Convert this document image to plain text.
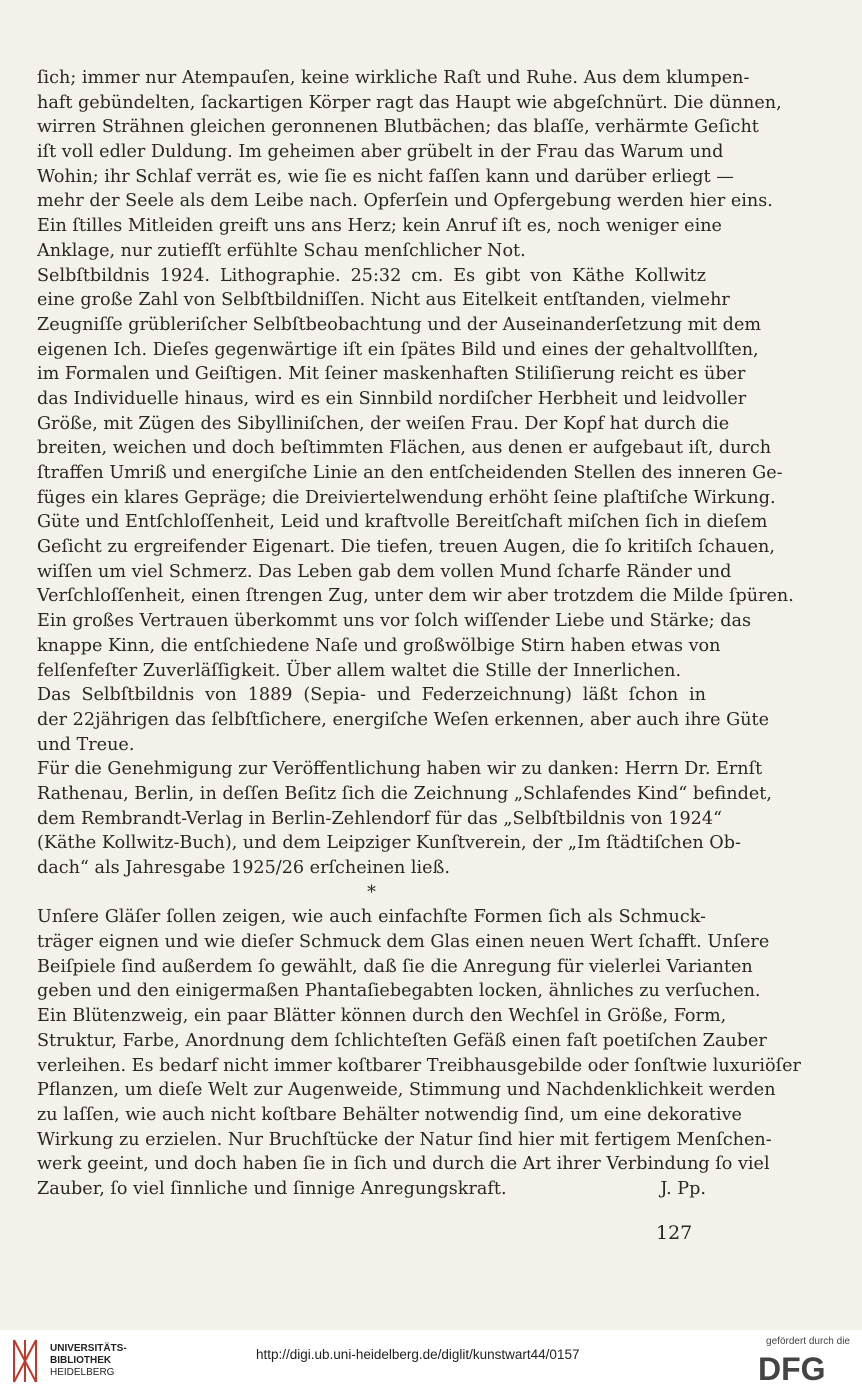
ſich; immer nur Atempauſen, keine wirkliche Raſt und Ruhe. Aus dem klumpen-
haft gebündelten, ſackartigen Körper ragt das Haupt wie abgeſchnürt. Die dünnen,
wirren Strähnen gleichen geronnenen Blutbächen; das blaſſe, verhärmte Geſicht
iſt voll edler Duldung. Im geheimen aber grübelt in der Frau das Warum und
Wohin; ihr Schlaf verrät es, wie ſie es nicht faſſen kann und darüber erliegt —
mehr der Seele als dem Leibe nach. Opferſein und Opfergebung werden hier eins.
Ein ſtilles Mitleiden greift uns ans Herz; kein Anruf iſt es, noch weniger eine
Anklage, nur zutiefſt erfühlte Schau menſchlicher Not.
Selbſtbildnis 1924. Lithographie. 25:32 cm. Es gibt von Käthe Kollwitz
eine große Zahl von Selbſtbildniſſen. Nicht aus Eitelkeit entſtanden, vielmehr
Zeugniſſe grübleriſcher Selbſtbeobachtung und der Auseinanderſetzung mit dem
eigenen Ich. Dieſes gegenwärtige iſt ein ſpätes Bild und eines der gehaltvollſten,
im Formalen und Geiſtigen. Mit ſeiner maskenhaften Stiliſierung reicht es über
das Individuelle hinaus, wird es ein Sinnbild nordiſcher Herbheit und leidvoller
Größe, mit Zügen des Sibylliniſchen, der weiſen Frau. Der Kopf hat durch die
breiten, weichen und doch beſtimmten Flächen, aus denen er aufgebaut iſt, durch
ſtraffen Umriß und energiſche Linie an den entſcheidenden Stellen des inneren Ge-
füges ein klares Gepräge; die Dreiviertelwendung erhöht ſeine plaſtiſche Wirkung.
Güte und Entſchloſſenheit, Leid und kraftvolle Bereitſchaft miſchen ſich in dieſem
Geſicht zu ergreifender Eigenart. Die tiefen, treuen Augen, die ſo kritiſch ſchauen,
wiſſen um viel Schmerz. Das Leben gab dem vollen Mund ſcharfe Ränder und
Verſchloſſenheit, einen ſtrengen Zug, unter dem wir aber trotzdem die Milde ſpüren.
Ein großes Vertrauen überkommt uns vor ſolch wiſſender Liebe und Stärke; das
knappe Kinn, die entſchiedene Naſe und großwölbige Stirn haben etwas von
felſenfeſter Zuverläſſigkeit. Über allem waltet die Stille der Innerlichen.
Das Selbſtbildnis von 1889 (Sepia- und Federzeichnung) läßt ſchon in
der 22jährigen das ſelbſtſichere, energiſche Weſen erkennen, aber auch ihre Güte
und Treue.
Für die Genehmigung zur Veröffentlichung haben wir zu danken: Herrn Dr. Ernſt
Rathenau, Berlin, in deſſen Beſitz ſich die Zeichnung „Schlafendes Kind“ befindet,
dem Rembrandt-Verlag in Berlin-Zehlendorf für das „Selbſtbildnis von 1924“
(Käthe Kollwitz-Buch), und dem Leipziger Kunſtverein, der „Im ſtädtiſchen Ob-
dach“ als Jahresgabe 1925/26 erſcheinen ließ.
*
Unſere Gläſer ſollen zeigen, wie auch einfachſte Formen ſich als Schmuck-
träger eignen und wie dieſer Schmuck dem Glas einen neuen Wert ſchafft. Unſere
Beiſpiele ſind außerdem ſo gewählt, daß ſie die Anregung für vielerlei Varianten
geben und den einigermaßen Phantaſiebegabten locken, ähnliches zu verſuchen.
Ein Blütenzweig, ein paar Blätter können durch den Wechſel in Größe, Form,
Struktur, Farbe, Anordnung dem ſchlichteſten Gefäß einen faſt poetiſchen Zauber
verleihen. Es bedarf nicht immer koſtbarer Treibhausgebilde oder ſonſtwie luxuriöſer
Pflanzen, um dieſe Welt zur Augenweide, Stimmung und Nachdenklichkeit werden
zu laſſen, wie auch nicht koſtbare Behälter notwendig ſind, um eine dekorative
Wirkung zu erzielen. Nur Bruchſtücke der Natur ſind hier mit fertigem Menſchen-
werk geeint, und doch haben ſie in ſich und durch die Art ihrer Verbindung ſo viel
Zauber, ſo viel ſinnliche und ſinnige Anregungskraft.	J. Pp.
127
UNIVERSITÄTS-
BIBLIOTHEK
HEIDELBERG
http://digi.ub.uni-heidelberg.de/diglit/kunstwart44/0157
gefördert durch die
DFG
